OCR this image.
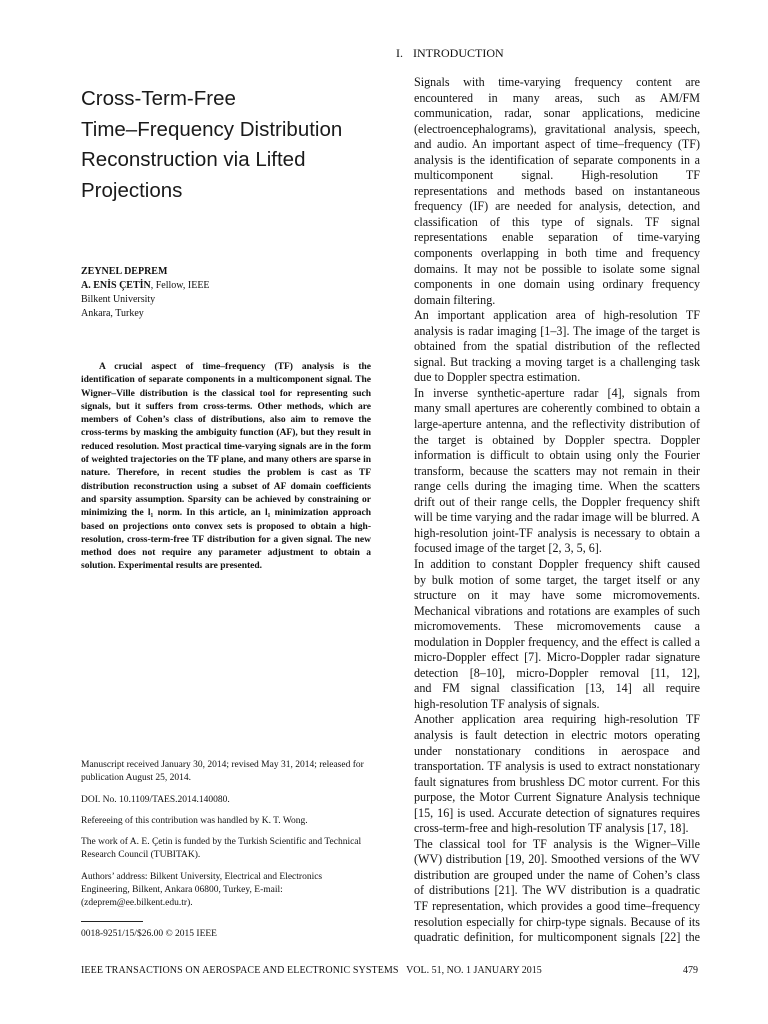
Cross-Term-Free
Time–Frequency Distribution
Reconstruction via Lifted
Projections
ZEYNEL DEPREM
A. ENİS ÇETİN, Fellow, IEEE
Bilkent University
Ankara, Turkey

A crucial aspect of time–frequency (TF) analysis is the identification of separate components in a multicomponent signal. The Wigner–Ville distribution is the classical tool for representing such signals, but it suffers from cross-terms. Other methods, which are members of Cohen’s class of distributions, also aim to remove the cross-terms by masking the ambiguity function (AF), but they result in reduced resolution. Most practical time-varying signals are in the form of weighted trajectories on the TF plane, and many others are sparse in nature. Therefore, in recent studies the problem is cast as TF distribution reconstruction using a subset of AF domain coefficients and sparsity assumption. Sparsity can be achieved by constraining or minimizing the l₁ norm. In this article, an l₁ minimization approach based on projections onto convex sets is proposed to obtain a high-resolution, cross-term-free TF distribution for a given signal. The new method does not require any parameter adjustment to obtain a solution. Experimental results are presented.

Manuscript received January 30, 2014; revised May 31, 2014; released for publication August 25, 2014.

DOI. No. 10.1109/TAES.2014.140080.

Refereeing of this contribution was handled by K. T. Wong.

The work of A. E. Çetin is funded by the Turkish Scientific and Technical Research Council (TUBITAK).

Authors’ address: Bilkent University, Electrical and Electronics Engineering, Bilkent, Ankara 06800, Turkey, E-mail: (zdeprem@ee.bilkent.edu.tr).

0018-9251/15/$26.00 © 2015 IEEE
I. INTRODUCTION

Signals with time-varying frequency content are
encountered in many areas, such as AM/FM
communication, radar, sonar applications, medicine
(electroencephalograms), gravitational analysis, speech,
and audio. An important aspect of time–frequency (TF)
analysis is the identification of separate components in a
multicomponent signal. High-resolution TF
representations and methods based on instantaneous
frequency (IF) are needed for analysis, detection, and
classification of this type of signals. TF signal
representations enable separation of time-varying
components overlapping in both time and frequency
domains. It may not be possible to isolate some signal
components in one domain using ordinary frequency
domain filtering.

An important application area of high-resolution TF
analysis is radar imaging [1–3]. The image of the target is
obtained from the spatial distribution of the reflected
signal. But tracking a moving target is a challenging task
due to Doppler spectra estimation.

In inverse synthetic-aperture radar [4], signals from
many small apertures are coherently combined to obtain a
large-aperture antenna, and the reflectivity distribution of
the target is obtained by Doppler spectra. Doppler
information is difficult to obtain using only the Fourier
transform, because the scatters may not remain in their
range cells during the imaging time. When the scatters
drift out of their range cells, the Doppler frequency shift
will be time varying and the radar image will be blurred. A
high-resolution joint-TF analysis is necessary to obtain a
focused image of the target [2, 3, 5, 6].

In addition to constant Doppler frequency shift caused
by bulk motion of some target, the target itself or any
structure on it may have some micromovements.
Mechanical vibrations and rotations are examples of such
micromovements. These micromovements cause a
modulation in Doppler frequency, and the effect is called a
micro-Doppler effect [7]. Micro-Doppler radar signature
detection [8–10], micro-Doppler removal [11, 12],
and FM signal classification [13, 14] all require
high-resolution TF analysis of signals.

Another application area requiring high-resolution TF
analysis is fault detection in electric motors operating
under nonstationary conditions in aerospace and
transportation. TF analysis is used to extract nonstationary
fault signatures from brushless DC motor current. For this
purpose, the Motor Current Signature Analysis technique
[15, 16] is used. Accurate detection of signatures requires
cross-term-free and high-resolution TF analysis [17, 18].

The classical tool for TF analysis is the Wigner–Ville
(WV) distribution [19, 20]. Smoothed versions of the WV
distribution are grouped under the name of Cohen’s class
of distributions [21]. The WV distribution is a quadratic
TF representation, which provides a good time–frequency
resolution especially for chirp-type signals. Because of its
quadratic definition, for multicomponent signals [22] the

IEEE TRANSACTIONS ON AEROSPACE AND ELECTRONIC SYSTEMS VOL. 51, NO. 1 JANUARY 2015	479
